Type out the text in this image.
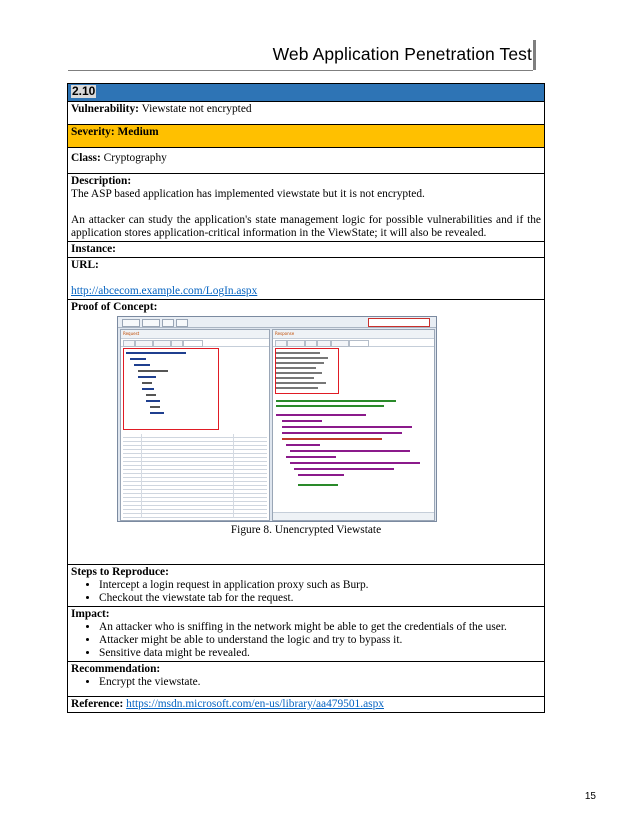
Web Application Penetration Test
2.10
Vulnerability: Viewstate not encrypted
Severity: Medium
Class: Cryptography

Description:

The ASP based application has implemented viewstate but it is not encrypted.

An attacker can study the application's state management logic for possible vulnerabilities and if the application stores application-critical information in the ViewState; it will also be revealed.

Instance:

URL:
http://abcecom.example.com/LogIn.aspx

Proof of Concept:
Request	Response
Figure 8. Unencrypted Viewstate

Steps to Reproduce:
• Intercept a login request in application proxy such as Burp.
• Checkout the viewstate tab for the request.

Impact:
• An attacker who is sniffing in the network might be able to get the credentials of the user.
• Attacker might be able to understand the logic and try to bypass it.
• Sensitive data might be revealed.

Recommendation:
• Encrypt the viewstate.

Reference: https://msdn.microsoft.com/en-us/library/aa479501.aspx
15
